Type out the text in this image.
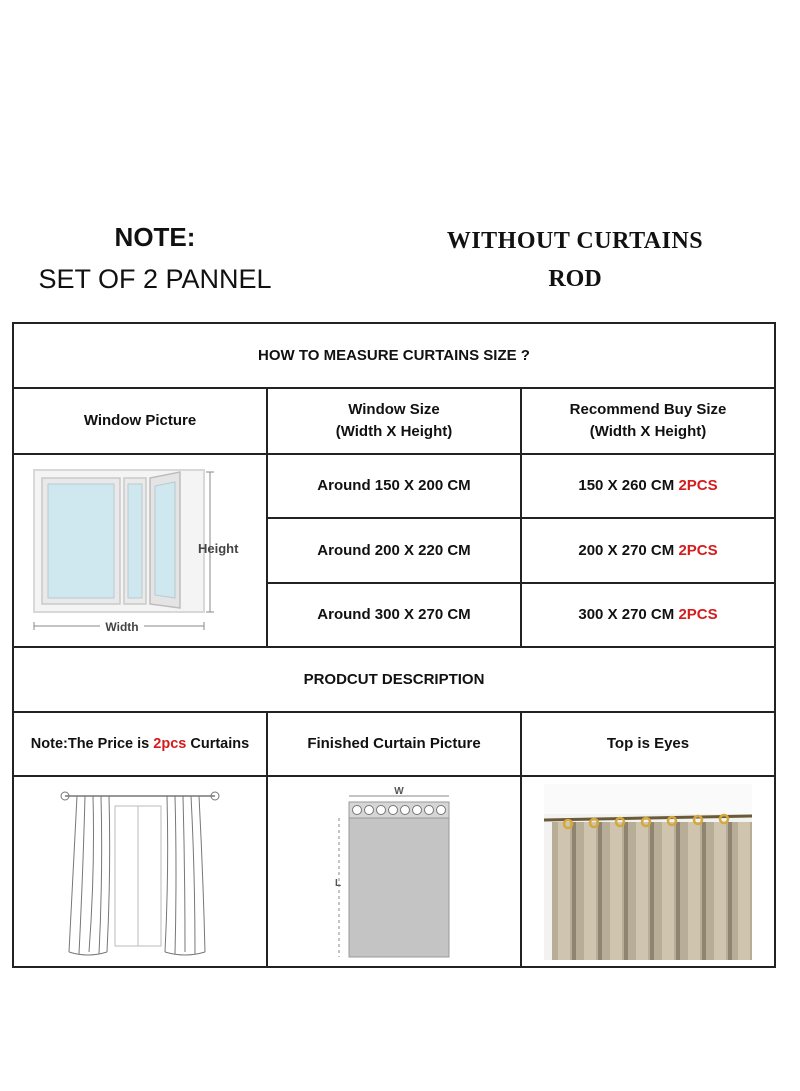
NOTE:
SET OF 2 PANNEL
WITHOUT CURTAINS
ROD
HOW TO MEASURE CURTAINS SIZE ?
Window Picture
Window Size
(Width X Height)
Recommend Buy Size
(Width X Height)
Width
Height
Around 150 X 200 CM	150 X 260 CM 2PCS
Around 200 X 220 CM	200 X 270 CM 2PCS
Around 300 X 270 CM	300 X 270 CM 2PCS
PRODCUT DESCRIPTION
Note:The Price is 2pcs Curtains	Finished Curtain Picture	Top is Eyes
W
L
